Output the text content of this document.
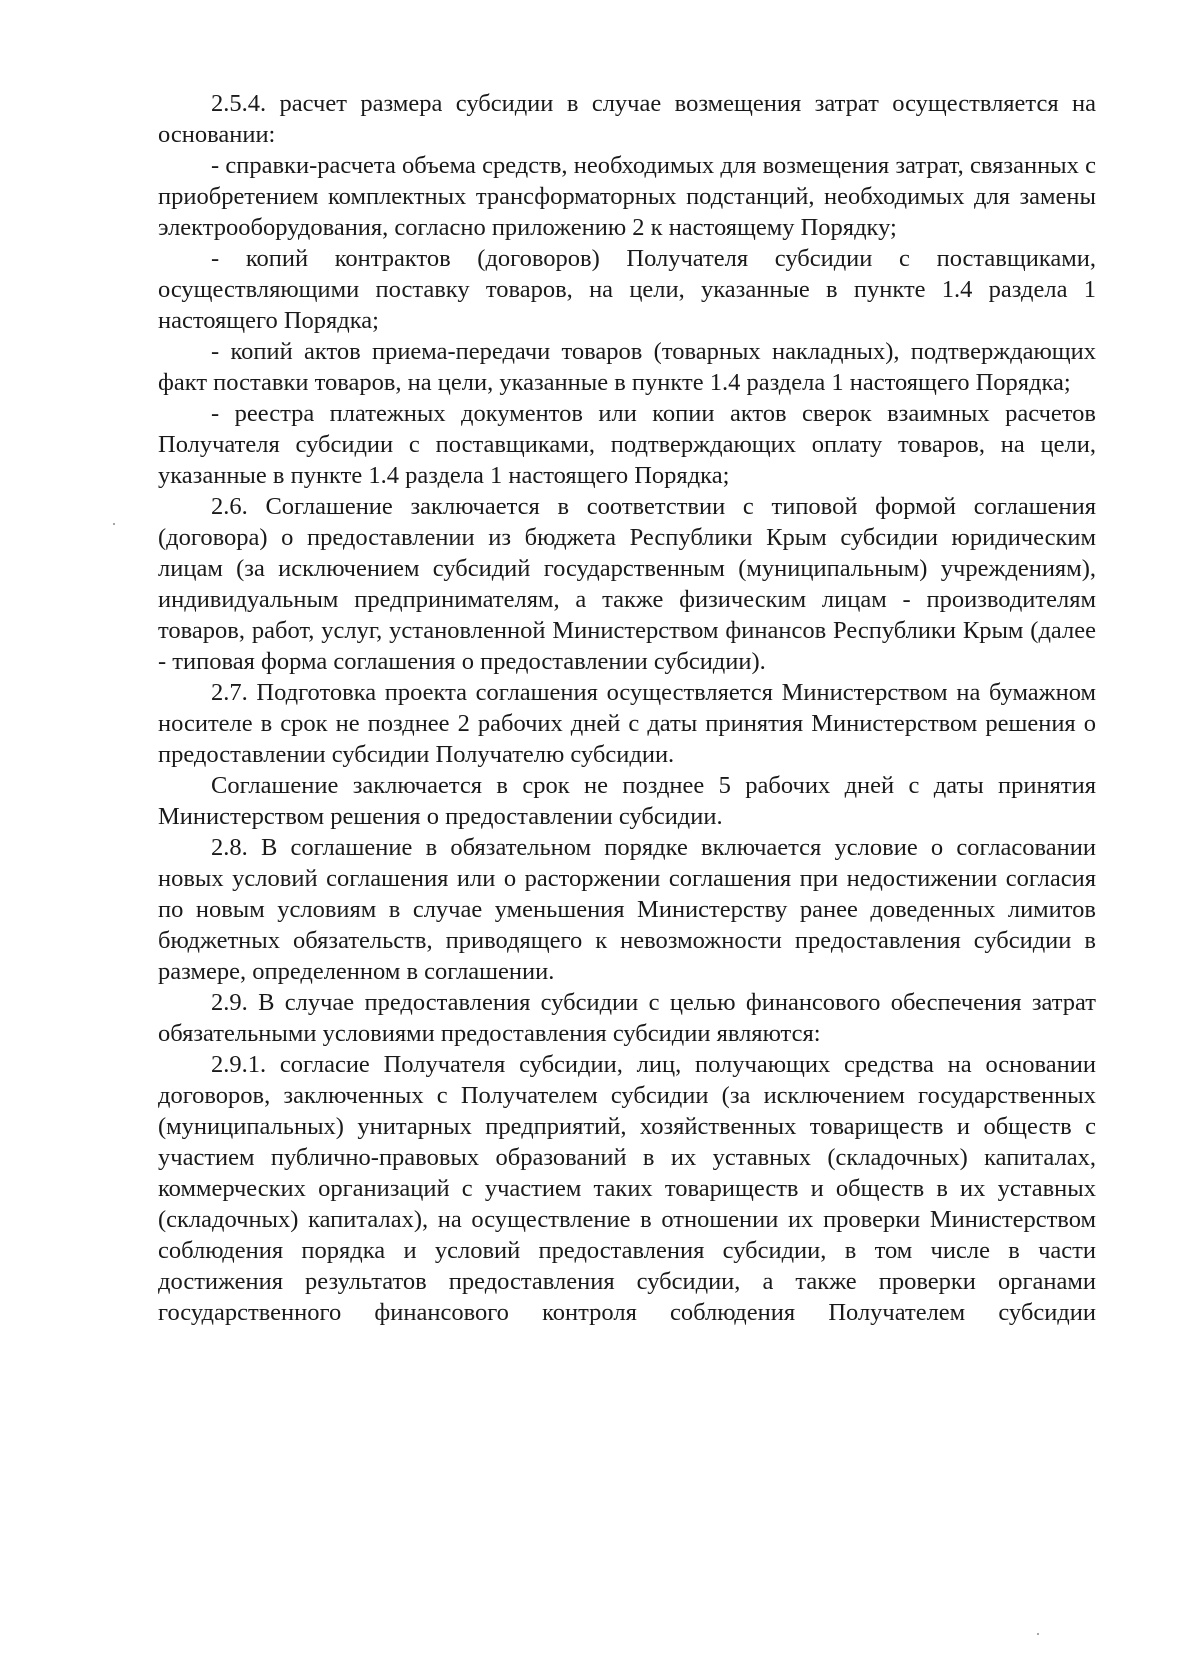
2.5.4. расчет размера субсидии в случае возмещения затрат осуществляется на основании:

- справки-расчета объема средств, необходимых для возмещения затрат, связанных с приобретением комплектных трансформаторных подстанций, необходимых для замены электрооборудования, согласно приложению 2 к настоящему Порядку;

- копий контрактов (договоров) Получателя субсидии с поставщиками, осуществляющими поставку товаров, на цели, указанные в пункте 1.4 раздела 1 настоящего Порядка;

- копий актов приема-передачи товаров (товарных накладных), подтверждающих факт поставки товаров, на цели, указанные в пункте 1.4 раздела 1 настоящего Порядка;

- реестра платежных документов или копии актов сверок взаимных расчетов Получателя субсидии с поставщиками, подтверждающих оплату товаров, на цели, указанные в пункте 1.4 раздела 1 настоящего Порядка;

2.6. Соглашение заключается в соответствии с типовой формой соглашения (договора) о предоставлении из бюджета Республики Крым субсидии юридическим лицам (за исключением субсидий государственным (муниципальным) учреждениям), индивидуальным предпринимателям, а также физическим лицам - производителям товаров, работ, услуг, установленной Министерством финансов Республики Крым (далее - типовая форма соглашения о предоставлении субсидии).

2.7. Подготовка проекта соглашения осуществляется Министерством на бумажном носителе в срок не позднее 2 рабочих дней с даты принятия Министерством решения о предоставлении субсидии Получателю субсидии.

Соглашение заключается в срок не позднее 5 рабочих дней с даты принятия Министерством решения о предоставлении субсидии.

2.8. В соглашение в обязательном порядке включается условие о согласовании новых условий соглашения или о расторжении соглашения при недостижении согласия по новым условиям в случае уменьшения Министерству ранее доведенных лимитов бюджетных обязательств, приводящего к невозможности предоставления субсидии в размере, определенном в соглашении.

2.9. В случае предоставления субсидии с целью финансового обеспечения затрат обязательными условиями предоставления субсидии являются:

2.9.1. согласие Получателя субсидии, лиц, получающих средства на основании договоров, заключенных с Получателем субсидии (за исключением государственных (муниципальных) унитарных предприятий, хозяйственных товариществ и обществ с участием публично-правовых образований в их уставных (складочных) капиталах, коммерческих организаций с участием таких товариществ и обществ в их уставных (складочных) капиталах), на осуществление в отношении их проверки Министерством соблюдения порядка и условий предоставления субсидии, в том числе в части достижения результатов предоставления субсидии, а также проверки органами государственного финансового контроля соблюдения Получателем субсидии
